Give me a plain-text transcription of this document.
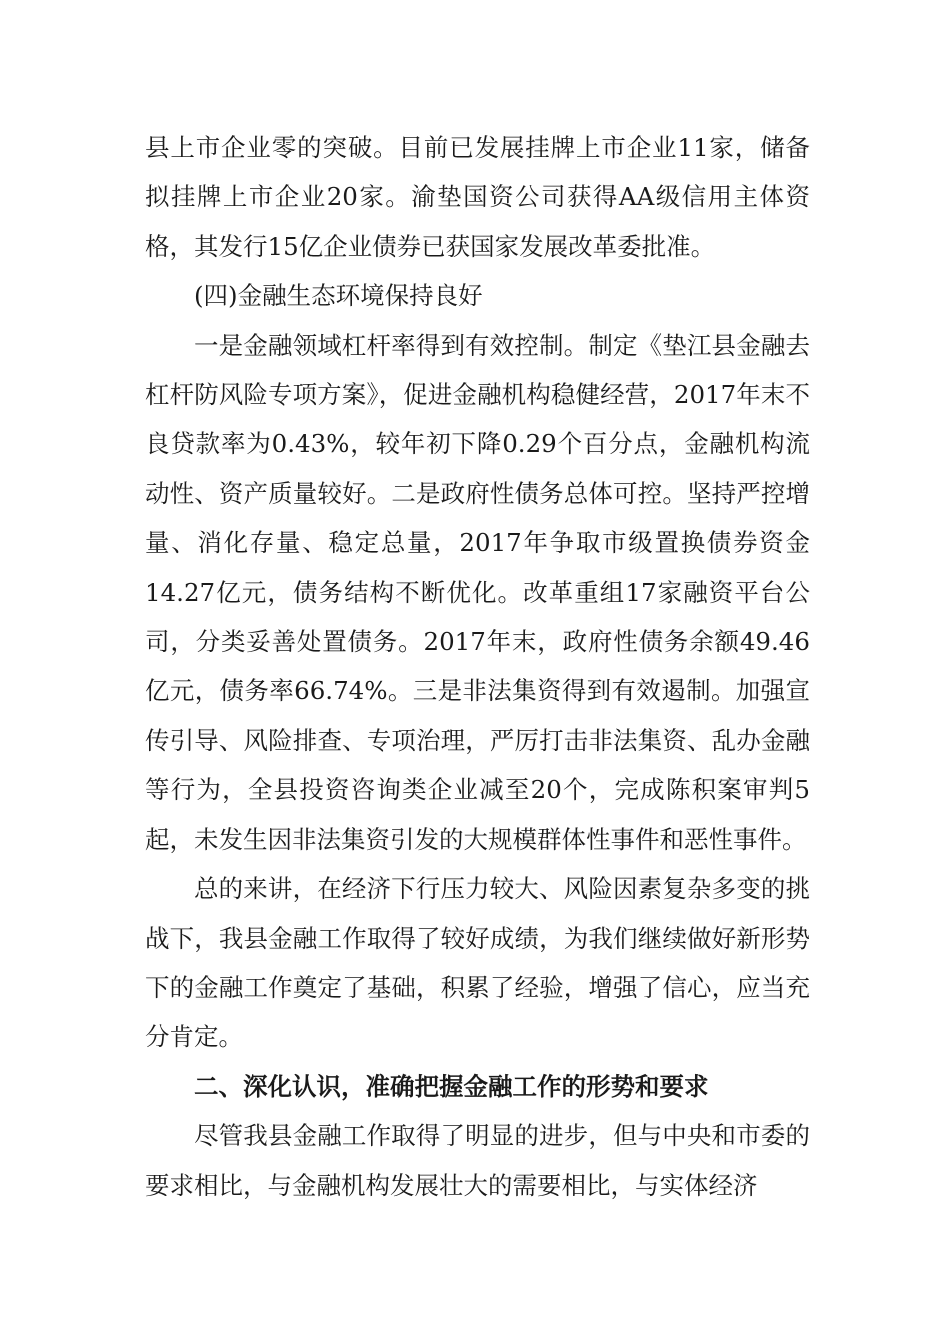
县上市企业零的突破。目前已发展挂牌上市企业11家，储备拟挂牌上市企业20家。渝垫国资公司获得AA级信用主体资格，其发行15亿企业债券已获国家发展改革委批准。

(四)金融生态环境保持良好

一是金融领域杠杆率得到有效控制。制定《垫江县金融去杠杆防风险专项方案》，促进金融机构稳健经营，2017年末不良贷款率为0.43%，较年初下降0.29个百分点，金融机构流动性、资产质量较好。二是政府性债务总体可控。坚持严控增量、消化存量、稳定总量，2017年争取市级置换债券资金14.27亿元，债务结构不断优化。改革重组17家融资平台公司，分类妥善处置债务。2017年末，政府性债务余额49.46亿元，债务率66.74%。三是非法集资得到有效遏制。加强宣传引导、风险排查、专项治理，严厉打击非法集资、乱办金融等行为，全县投资咨询类企业减至20个，完成陈积案审判5起，未发生因非法集资引发的大规模群体性事件和恶性事件。

总的来讲，在经济下行压力较大、风险因素复杂多变的挑战下，我县金融工作取得了较好成绩，为我们继续做好新形势下的金融工作奠定了基础，积累了经验，增强了信心，应当充分肯定。

二、深化认识，准确把握金融工作的形势和要求

尽管我县金融工作取得了明显的进步，但与中央和市委的要求相比，与金融机构发展壮大的需要相比，与实体经济
